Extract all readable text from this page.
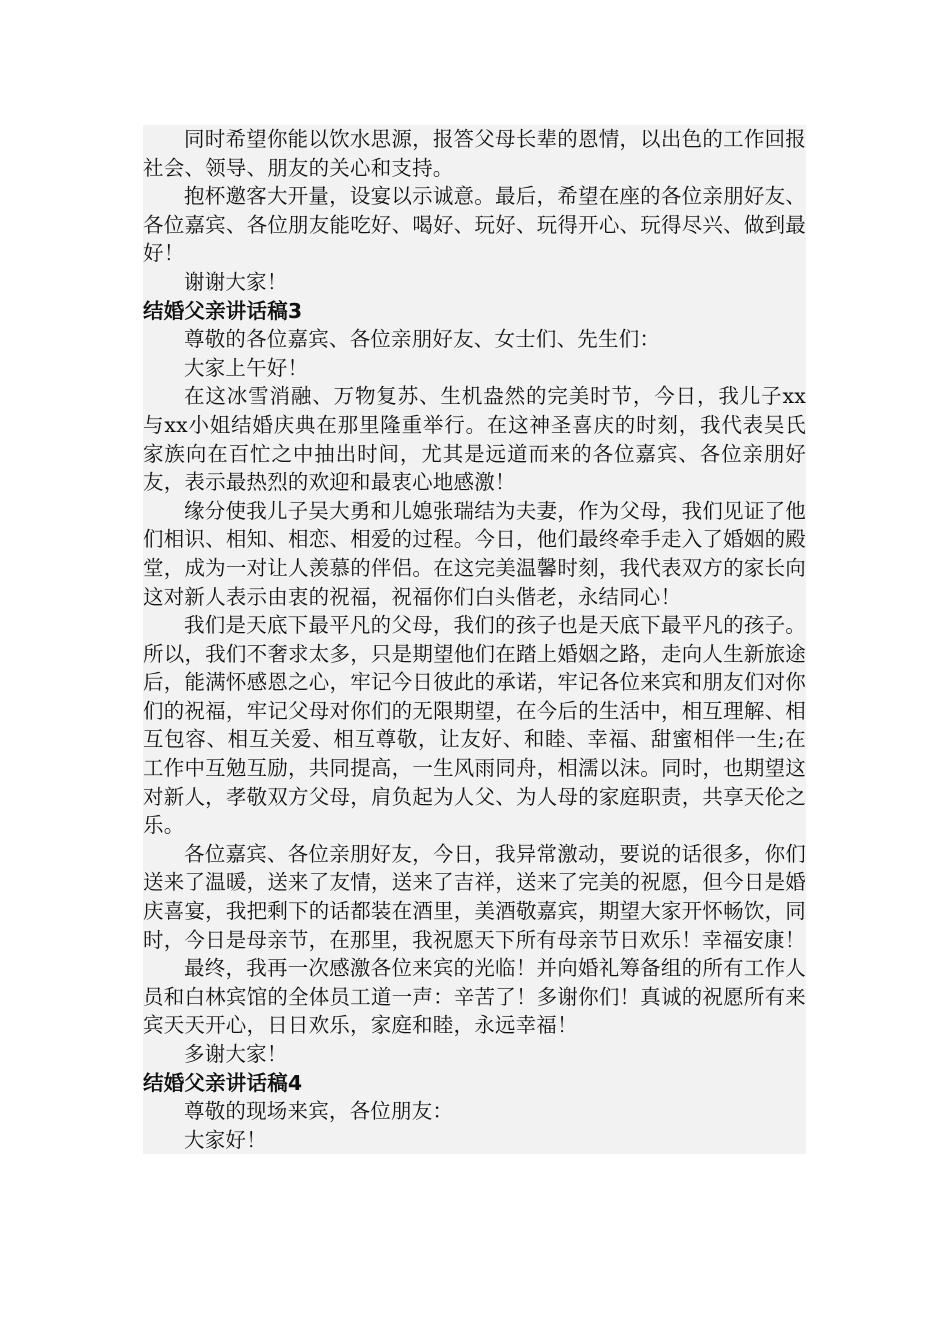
同时希望你能以饮水思源，报答父母长辈的恩情，以出色的工作回报社会、领导、朋友的关心和支持。

抱杯邀客大开量，设宴以示诚意。最后，希望在座的各位亲朋好友、各位嘉宾、各位朋友能吃好、喝好、玩好、玩得开心、玩得尽兴、做到最好！

谢谢大家！

结婚父亲讲话稿3

尊敬的各位嘉宾、各位亲朋好友、女士们、先生们：

大家上午好！

在这冰雪消融、万物复苏、生机盎然的完美时节，今日，我儿子xx与xx小姐结婚庆典在那里隆重举行。在这神圣喜庆的时刻，我代表吴氏家族向在百忙之中抽出时间，尤其是远道而来的各位嘉宾、各位亲朋好友，表示最热烈的欢迎和最衷心地感激！

缘分使我儿子吴大勇和儿媳张瑞结为夫妻，作为父母，我们见证了他们相识、相知、相恋、相爱的过程。今日，他们最终牵手走入了婚姻的殿堂，成为一对让人羡慕的伴侣。在这完美温馨时刻，我代表双方的家长向这对新人表示由衷的祝福，祝福你们白头偕老，永结同心！

我们是天底下最平凡的父母，我们的孩子也是天底下最平凡的孩子。所以，我们不奢求太多，只是期望他们在踏上婚姻之路，走向人生新旅途后，能满怀感恩之心，牢记今日彼此的承诺，牢记各位来宾和朋友们对你们的祝福，牢记父母对你们的无限期望，在今后的生活中，相互理解、相互包容、相互关爱、相互尊敬，让友好、和睦、幸福、甜蜜相伴一生;在工作中互勉互励，共同提高，一生风雨同舟，相濡以沫。同时，也期望这对新人，孝敬双方父母，肩负起为人父、为人母的家庭职责，共享天伦之乐。

各位嘉宾、各位亲朋好友，今日，我异常激动，要说的话很多，你们送来了温暖，送来了友情，送来了吉祥，送来了完美的祝愿，但今日是婚庆喜宴，我把剩下的话都装在酒里，美酒敬嘉宾，期望大家开怀畅饮，同时，今日是母亲节，在那里，我祝愿天下所有母亲节日欢乐！幸福安康！

最终，我再一次感激各位来宾的光临！并向婚礼筹备组的所有工作人员和白林宾馆的全体员工道一声：辛苦了！多谢你们！真诚的祝愿所有来宾天天开心，日日欢乐，家庭和睦，永远幸福！

多谢大家！

结婚父亲讲话稿4

尊敬的现场来宾，各位朋友：

大家好！
